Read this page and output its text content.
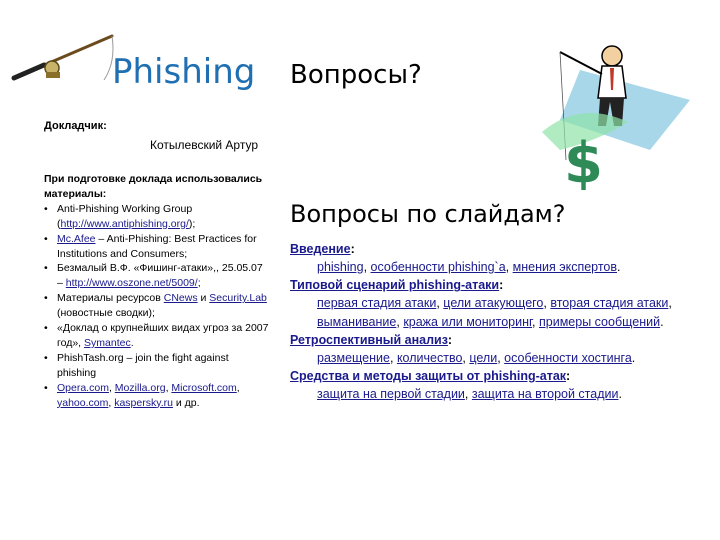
$
Phishing Вопросы?
Докладчик:
Котылевский Артур
При подготовке доклада использовались материалы:
• Anti-Phishing Working Group (http://www.antiphishing.org/);
• Mc.Afee – Anti-Phishing: Best Practices for Institutions and Consumers;
• Безмалый В.Ф. «Фишинг-атаки»,, 25.05.07 – http://www.oszone.net/5009/;
• Материалы ресурсов CNews и Security.Lab (новостные сводки);
• «Доклад о крупнейших видах угроз за 2007 год», Symantec.
• PhishTash.org – join the fight against phishing
• Opera.com, Mozilla.org, Microsoft.com, yahoo.com, kaspersky.ru и др.
Вопросы по слайдам?
Введение:
phishing, особенности phishing`a, мнения экспертов.
Типовой сценарий phishing-атаки:
первая стадия атаки, цели атакующего, вторая стадия атаки, выманивание, кража или мониторинг, примеры сообщений.
Ретроспективный анализ:
размещение, количество, цели, особенности хостинга.
Средства и методы защиты от phishing-атак:
защита на первой стадии, защита на второй стадии.
